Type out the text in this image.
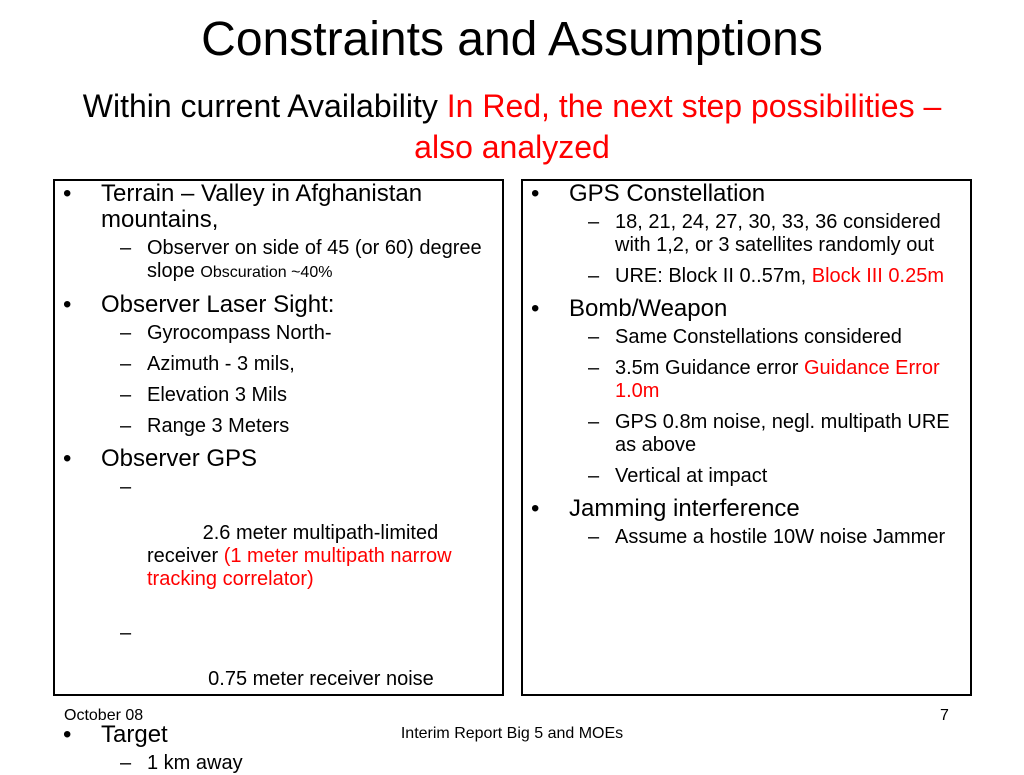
Constraints and Assumptions
Within current Availability In Red, the next step possibilities – also analyzed
• Terrain – Valley in Afghanistan mountains,
– Observer on side of 45 (or 60) degree slope Obscuration ~40%
• Observer Laser Sight:
– Gyrocompass North-
– Azimuth - 3 mils,
– Elevation 3 Mils
– Range 3 Meters
• Observer GPS

–

2.6 meter multipath-limited    receiver (1 meter multipath narrow tracking correlator)

–

0.75 meter receiver noise

• Target
– 1 km away
• GPS Constellation
– 18, 21, 24, 27, 30, 33, 36 considered with 1,2, or 3 satellites randomly out
– URE: Block II 0..57m, Block III 0.25m
• Bomb/Weapon
– Same Constellations considered
– 3.5m Guidance error Guidance Error 1.0m
– GPS 0.8m noise, negl. multipath URE as above
– Vertical at impact
• Jamming interference
– Assume a hostile 10W noise Jammer
October 08
Interim Report Big 5 and MOEs
7
